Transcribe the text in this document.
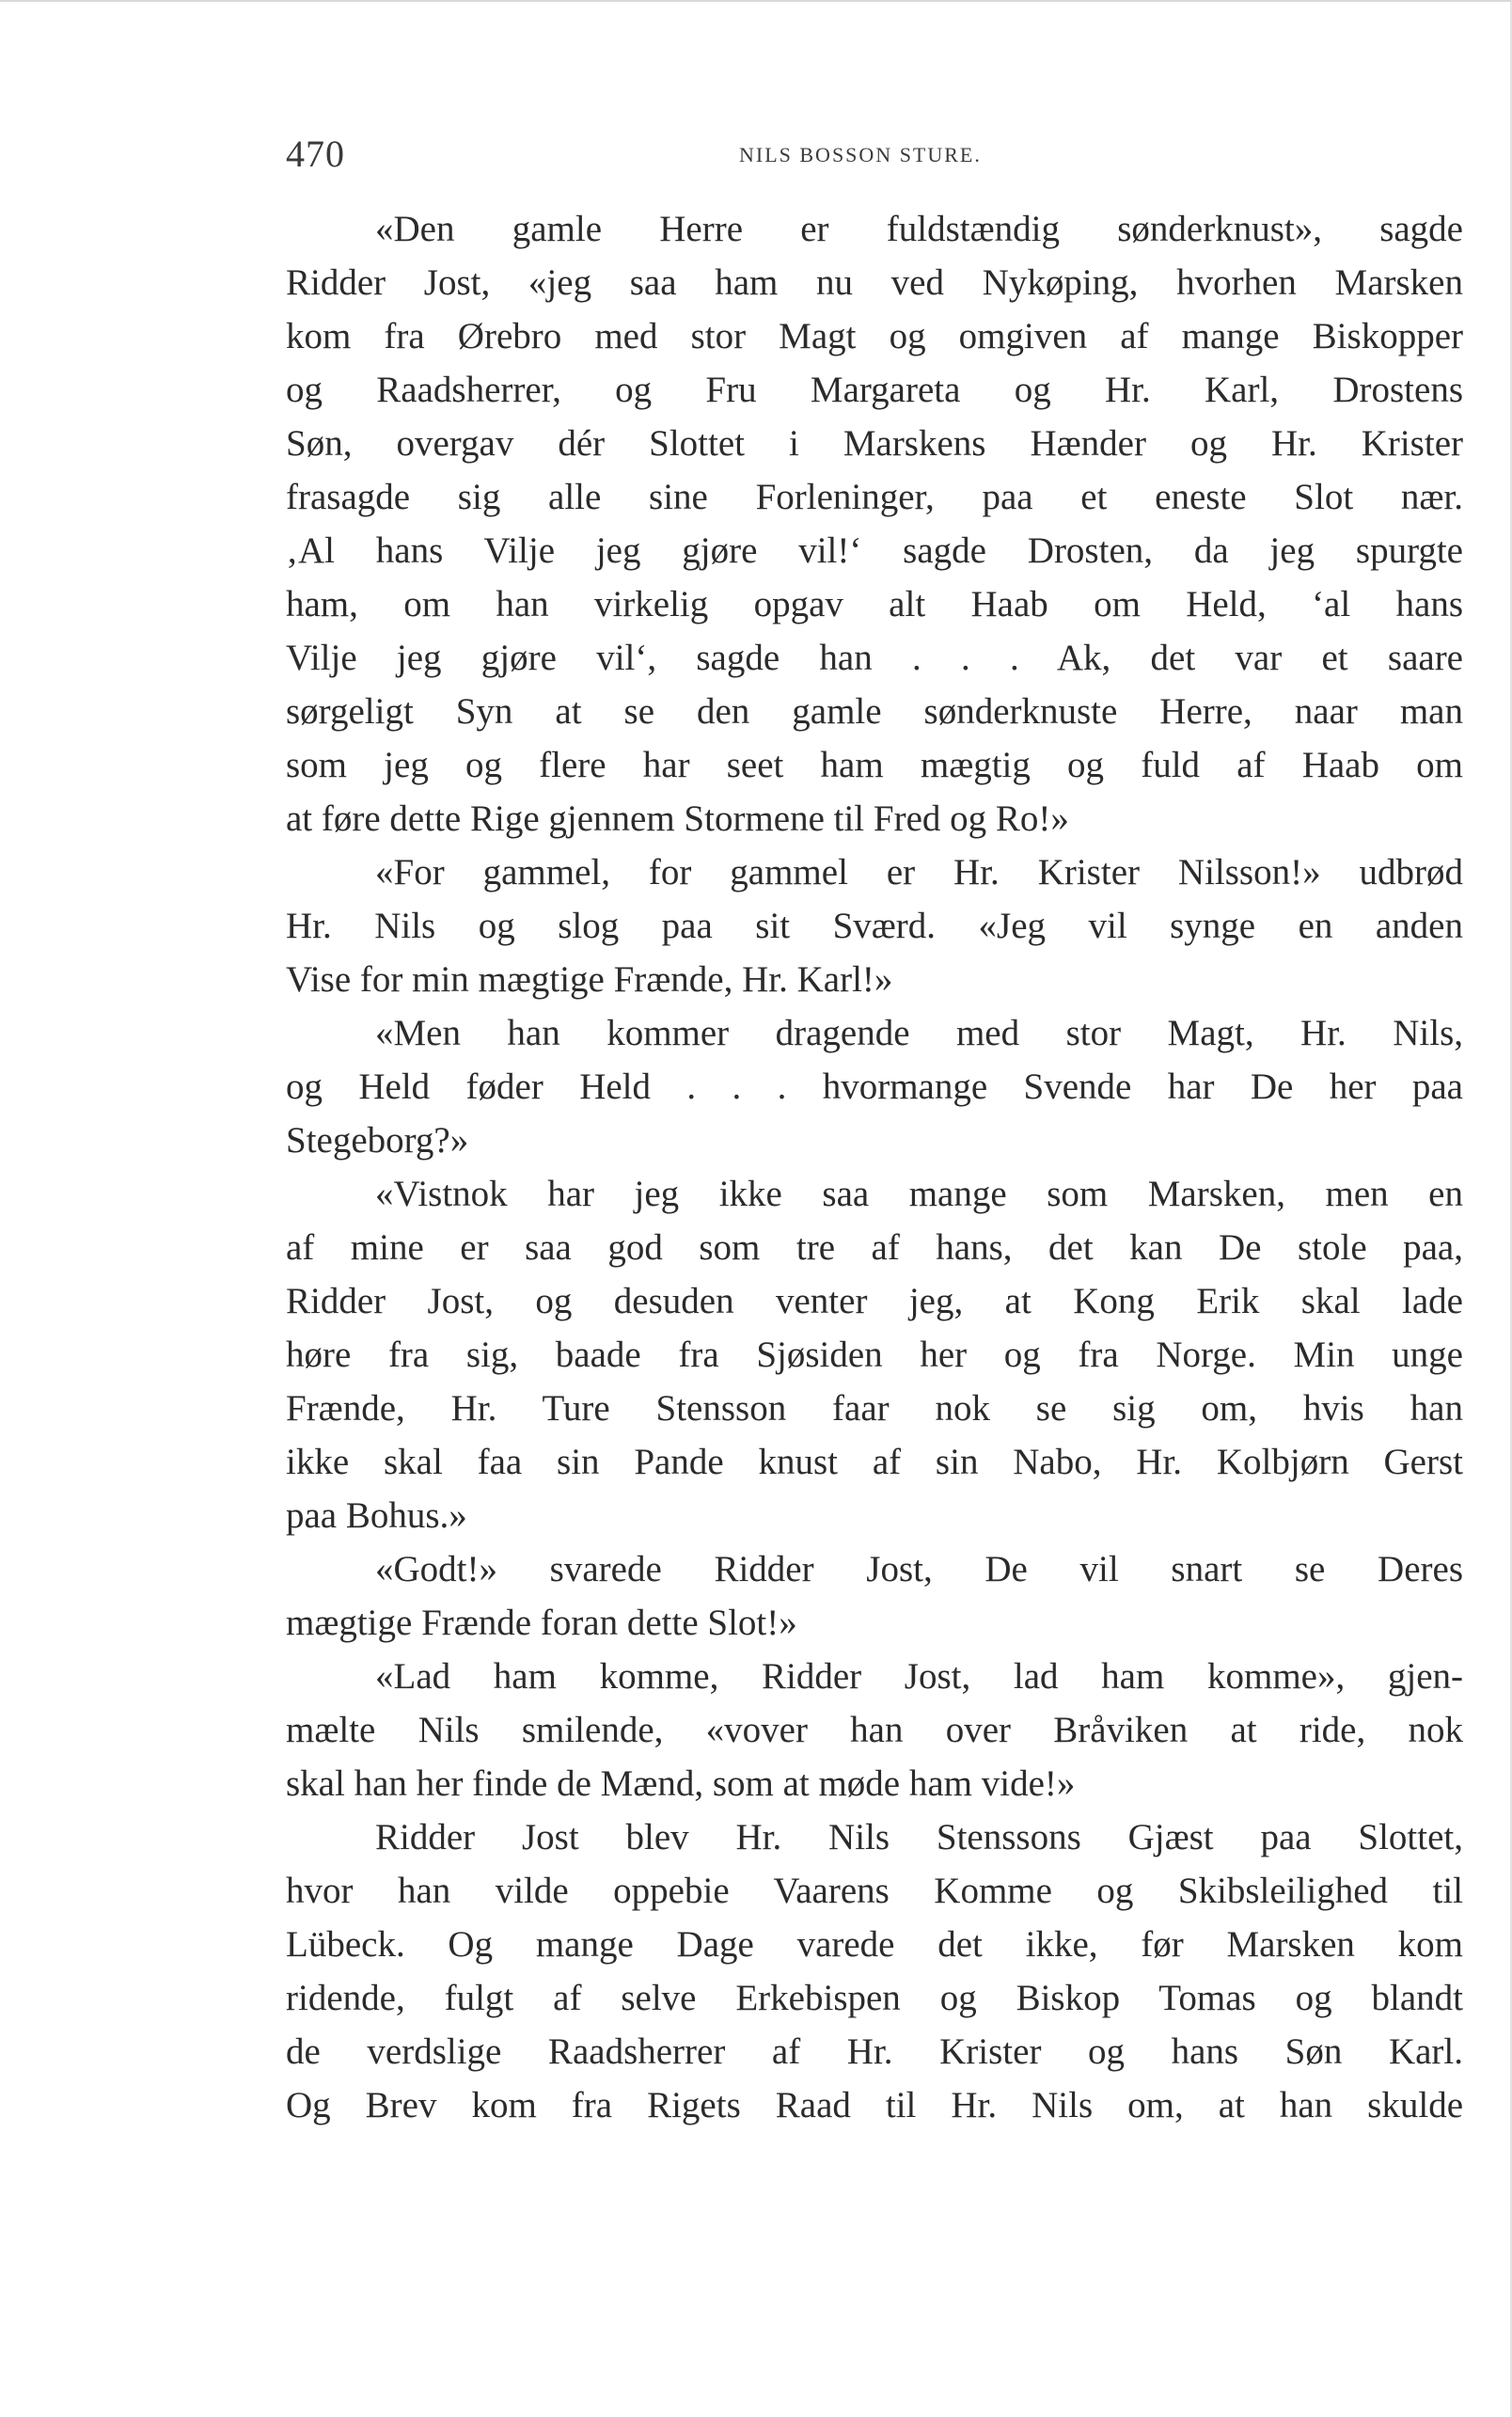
470	NILS BOSSON STURE.
«Den gamle Herre er fuldstændig sønderknust», sagde
Ridder Jost, «jeg saa ham nu ved Nykøping, hvorhen Marsken
kom fra Ørebro med stor Magt og omgiven af mange Biskopper
og Raadsherrer, og Fru Margareta og Hr. Karl, Drostens
Søn, overgav dér Slottet i Marskens Hænder og Hr. Krister
frasagde sig alle sine Forleninger, paa et eneste Slot nær.
‚Al hans Vilje jeg gjøre vil!‘ sagde Drosten, da jeg spurgte
ham, om han virkelig opgav alt Haab om Held, ‘al hans
Vilje jeg gjøre vil‘, sagde han . . . Ak, det var et saare
sørgeligt Syn at se den gamle sønderknuste Herre, naar man
som jeg og flere har seet ham mægtig og fuld af Haab om
at føre dette Rige gjennem Stormene til Fred og Ro!»
«For gammel, for gammel er Hr. Krister Nilsson!» udbrød
Hr. Nils og slog paa sit Sværd. «Jeg vil synge en anden
Vise for min mægtige Frænde, Hr. Karl!»
«Men han kommer dragende med stor Magt, Hr. Nils,
og Held føder Held . . . hvormange Svende har De her paa
Stegeborg?»
«Vistnok har jeg ikke saa mange som Marsken, men en
af mine er saa god som tre af hans, det kan De stole paa,
Ridder Jost, og desuden venter jeg, at Kong Erik skal lade
høre fra sig, baade fra Sjøsiden her og fra Norge. Min unge
Frænde, Hr. Ture Stensson faar nok se sig om, hvis han
ikke skal faa sin Pande knust af sin Nabo, Hr. Kolbjørn Gerst
paa Bohus.»
«Godt!» svarede Ridder Jost, De vil snart se Deres
mægtige Frænde foran dette Slot!»
«Lad ham komme, Ridder Jost, lad ham komme», gjen-
mælte Nils smilende, «vover han over Bråviken at ride, nok
skal han her finde de Mænd, som at møde ham vide!»
Ridder Jost blev Hr. Nils Stenssons Gjæst paa Slottet,
hvor han vilde oppebie Vaarens Komme og Skibsleilighed til
Lübeck. Og mange Dage varede det ikke, før Marsken kom
ridende, fulgt af selve Erkebispen og Biskop Tomas og blandt
de verdslige Raadsherrer af Hr. Krister og hans Søn Karl.
Og Brev kom fra Rigets Raad til Hr. Nils om, at han skulde
